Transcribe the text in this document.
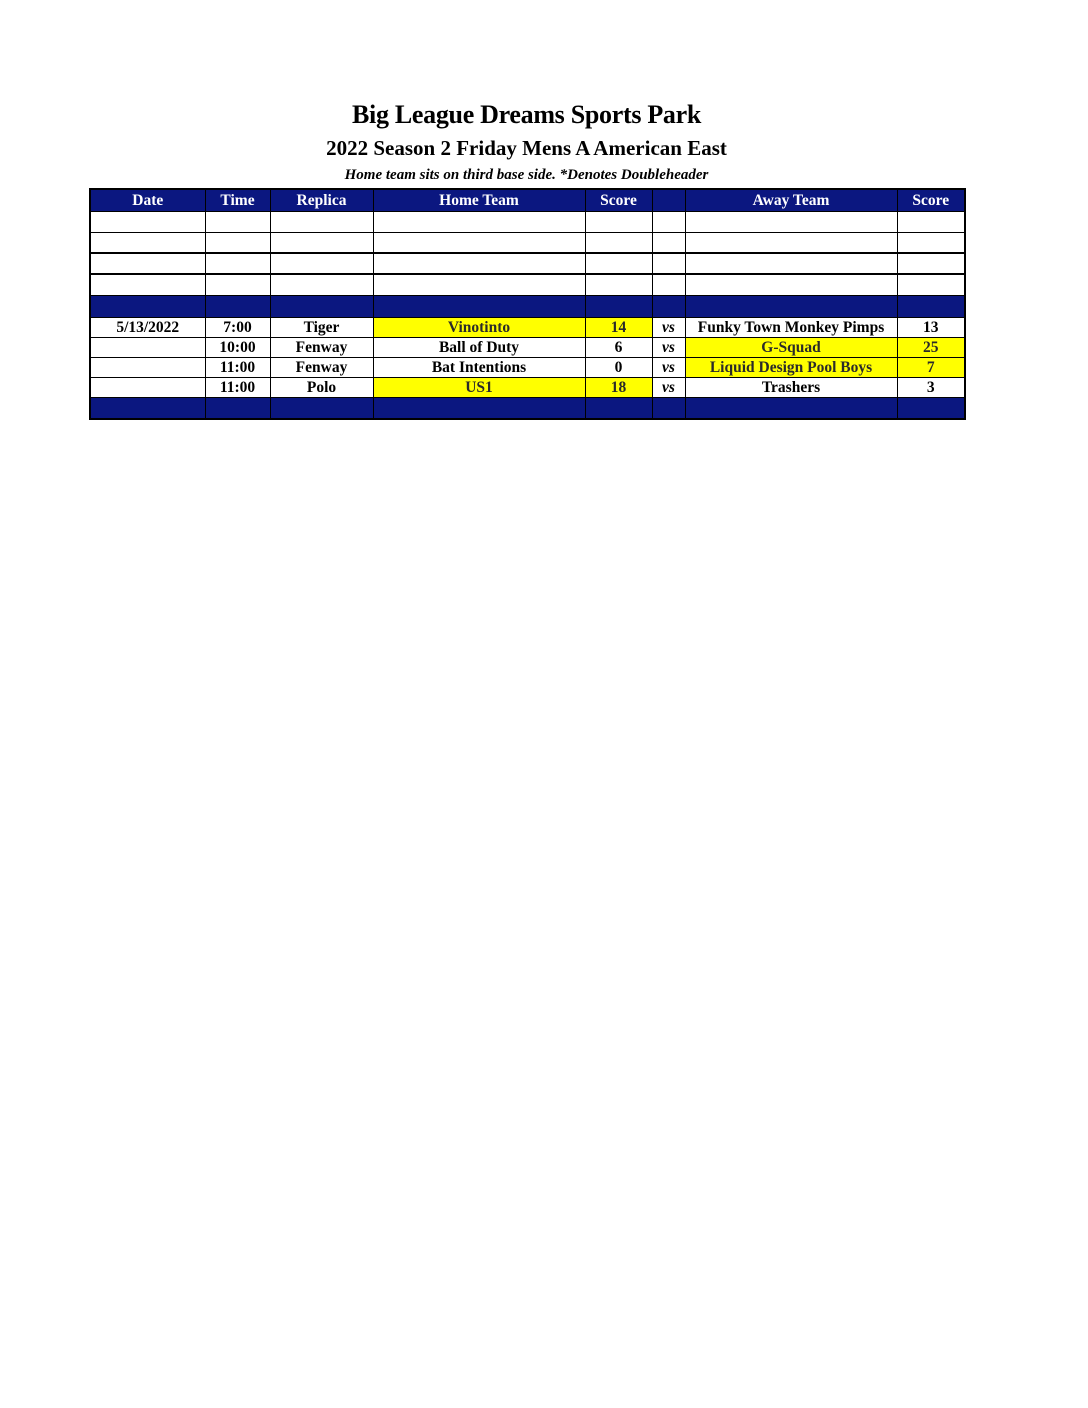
Big League Dreams Sports Park
2022 Season 2 Friday Mens A American East
Home team sits on third base side. *Denotes Doubleheader
Date	Time	Replica	Home Team	Score		Away Team	Score

5/13/2022	7:00	Tiger	Vinotinto	14	vs	Funky Town Monkey Pimps	13
	10:00	Fenway	Ball of Duty	6	vs	G-Squad	25
	11:00	Fenway	Bat Intentions	0	vs	Liquid Design Pool Boys	7
	11:00	Polo	US1	18	vs	Trashers	3
